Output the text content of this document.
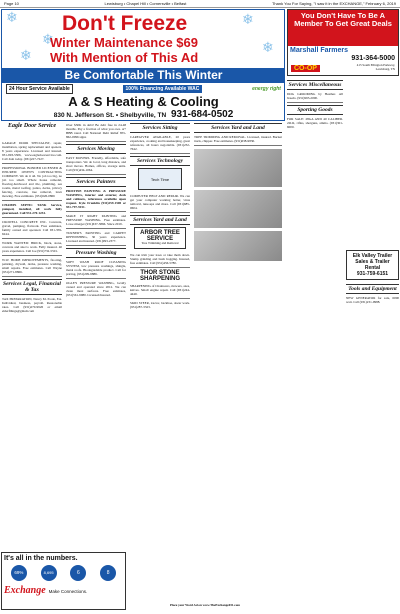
Page 10	Lewisburg • Chapel Hill • Cornersville • Belfast	Thank You For Saying, "I saw it in the EXCHANGE," February 6, 2019
❄
❄
❄
❄
❄
Don't Freeze
Winter Maintenance $69
With Mention of This Ad
Be Comfortable This Winter
24 Hour Service Available	100% Financing Available WAC	energy right
A & S Heating & Cooling
830 N. Jefferson St. • Shelbyville, TN 931-684-0502
You Don't Have To Be A Member To Get Great Deals
Marshall Farmers
CO-OP
931-364-5000
415 South Ellington Parkway, Lewisburg, TN
Eagle Door Service
GARAGE DOOR SPECIALIST, repair, installation, spring replacement and openers. 8 years experience. Licensed and insured. 931-993-5306, www.eagledoorservice.com. Call Josh today. (931)227-7227.
PROFESSIONAL BONDED LICENSED & INSURED: OWEN'S CONTRACTING COMPANY. We do it all. No job too big, no job too small. Whole house remodel, flooring-hardwood and tile, plumbing, sea rooms, metal roofing, patios, decks, privacy fencing, concrete, tree removal, lawn mowing. Free estimates. (931)626-0866
CHAMPS SEPTIC TANK Service, pumped, installed, all work fully guaranteed. Call 931-270-1234.
CROWELL CONCRETE INC. Concrete, gravel, pumping, flatwork. Free estimates, family owned and operated. Call 931-359-6244.
WORK WANTED: BRICK, block, stone, concrete and stucco work. Fully insured. 40 years experience. Call Joe (931)732-5501.
W.W. HOME IMPROVEMENTS, flooring, painting, drywall, decks, pressure washing, small repairs. Free estimates. Call Wayne (931)271-8866.
Services Legal, Financial & Tax
TAX PREPARATION, Nancy M. Poole, EA. Individual, business, payroll. Reasonable rates. Call (931)270-9926 or email elderfilings@gmail.com
Over $30K in debt! Be debt free in 24-48 months. Pay a fraction of what you owe. A+ BBB rated. Call National Debt Relief 855-862-0096 signs
Services Moving
EAST MOVERS. Friendly, affordable, safe transporters. We do local, long distance, and short moves. Homes, offices, storage units. Call (931)434-1064.
Services Painters
PRISTINE PAINTING & PRESSURE WASHING, interior and exterior, deck and cabinets, references available upon request. Kyle Franklin (931)259-1500 or 931-797-9151.
MAKE IT RIGHT PAINTING and PRESSURE WASHING. Free estimates. Lowe rmerger (931)637-3866. Since 2019.
TURNER'S PAINTING and CARPET REFINISHING, 30 years experience. Licensed and insured. (931)993-2377.
Pressure Washing
SOFT WASH ROOF CLEANING SYSTEM, low pressure washings, shingle, metal roofs. Biodegradable product. Call for pricing, (931)209-9886.
OGLE'S PRESSURE WASHING, locally owned and operated since 2012. We can clean most surfaces. Free estimates, (931)561-9980. Licensed/insured.
Services Sitting
CAREGIVER AVAILABLE, 20 years experience, cooking and housekeeping, great references, all hours negotiable. (931)232-7642.
Services Technology
Tech Time
COMPUTER HELP AND REPAIR. We can get your computer working better, virus removal, tune-ups and more. Call (931)685-0604.
Services Yard and Land
ARBOR TREE SERVICE
Tree Trimming and Removal
We can trim your trees or take them down. Stump grinding and bush hogging. Insured, free estimates. Call (931)456-5780.
THOR STONE SHARPENING
SHARPENING of Chainsaws, mowers, axes, knives. Small engine repair. Call (931)244-4440.
SKID STEER, tractor, backhoe, dozer work. (931)287-3323.
Services Yard and Land
TREE TRIMMING AND REMOVAL. Licensed, insured. Bucket truck, chipper. Free estimates. (931)638-9830.
Services Miscellaneous
DOG GROOMING by Heather. All breeds. (931)993-2000.
Sporting Goods
FOR SALE: 28GA AND 40 CALIBER. 22LR, rifles, shotguns, ammo. (931)301-6000.
Elk Valley Trailer Sales & Trailer Rental
931-759-6151
Tools and Equipment
NEW GENERATOR for sale, 6000 watt. Call (931)231-9988.
It's all in the numbers.
69%	8,695	6	8
Exchange Make Connections.
Place your Word Ad on www.TheExchange031.com
